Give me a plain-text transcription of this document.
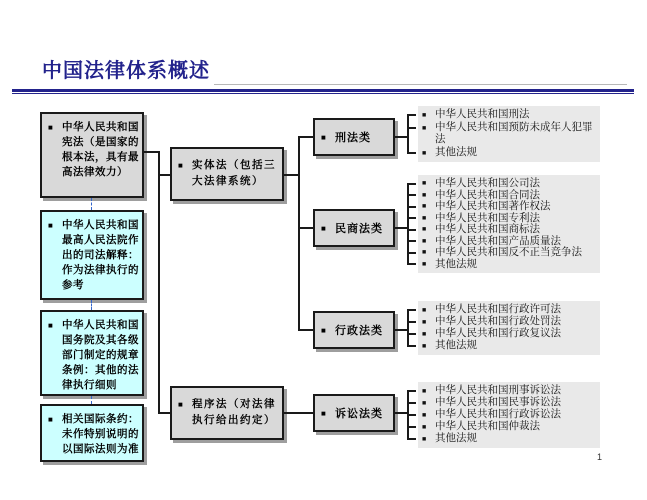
中国法律体系概述
■ 中华人民共和国宪法（是国家的根本法，具有最高法律效力）
■ 中华人民共和国最高人民法院作出的司法解释：作为法律执行的参考
■ 中华人民共和国国务院及其各级部门制定的规章条例：其他的法律执行细则
■ 相关国际条约：未作特别说明的以国际法则为准
■ 实体法（包括三大法律系统）
■ 程序法（对法律执行给出约定）
■ 刑法类
■ 民商法类
■ 行政法类
■ 诉讼法类
■ 中华人民共和国刑法
■ 中华人民共和国预防未成年人犯罪法
■ 其他法规
■ 中华人民共和国公司法
■ 中华人民共和国合同法
■ 中华人民共和国著作权法
■ 中华人民共和国专利法
■ 中华人民共和国商标法
■ 中华人民共和国产品质量法
■ 中华人民共和国反不正当竞争法
■ 其他法规
■ 中华人民共和国行政许可法
■ 中华人民共和国行政处罚法
■ 中华人民共和国行政复议法
■ 其他法规
■ 中华人民共和国刑事诉讼法
■ 中华人民共和国民事诉讼法
■ 中华人民共和国行政诉讼法
■ 中华人民共和国仲裁法
■ 其他法规
1
